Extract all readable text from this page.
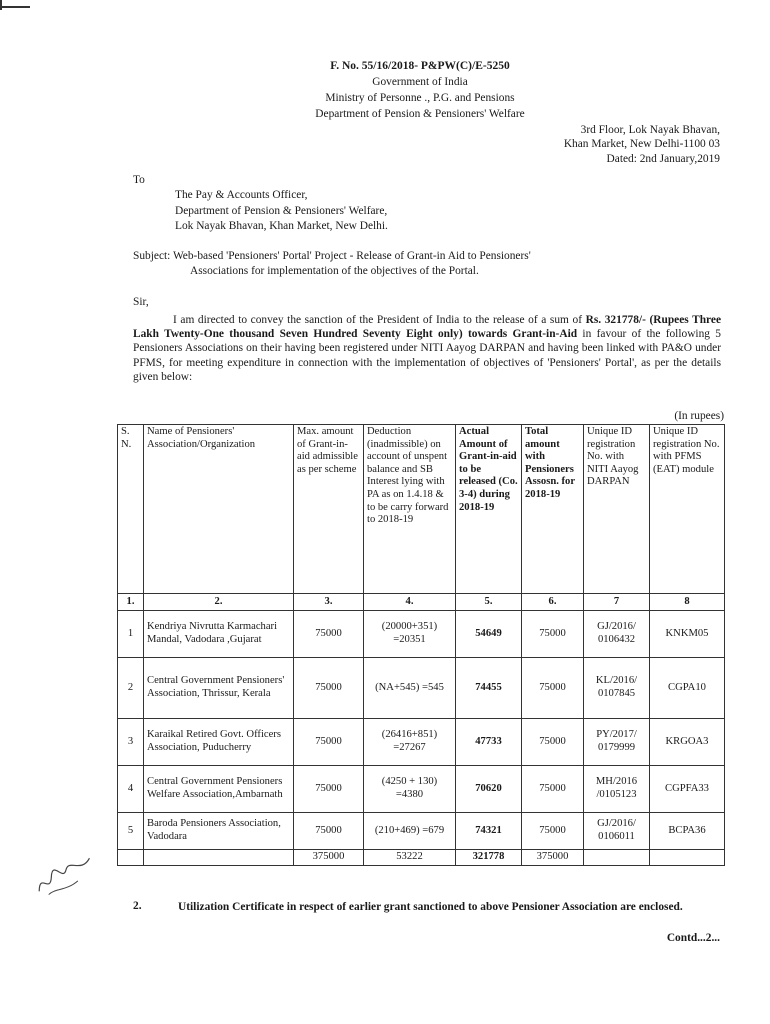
F. No. 55/16/2018- P&PW(C)/E-5250
Government of India
Ministry of Personne ., P.G. and Pensions
Department of Pension & Pensioners' Welfare
3rd Floor, Lok Nayak Bhavan,
Khan Market, New Delhi-1100 03
Dated: 2nd January,2019
To
The Pay & Accounts Officer,
Department of Pension & Pensioners' Welfare,
Lok Nayak Bhavan, Khan Market, New Delhi.
Subject: Web-based 'Pensioners' Portal' Project - Release of Grant-in Aid to Pensioners'
Associations for implementation of the objectives of the Portal.
Sir,
I am directed to convey the sanction of the President of India to the release of a sum of Rs. 321778/- (Rupees Three Lakh Twenty-One thousand Seven Hundred Seventy Eight only) towards Grant-in-Aid in favour of the following 5 Pensioners Associations on their having been registered under NITI Aayog DARPAN and having been linked with PA&O under PFMS, for meeting expenditure in connection with the implementation of objectives of 'Pensioners' Portal', as per the details given below:
(In rupees)
S. N.	Name of Pensioners' Association/Organization	Max. amount of Grant-in-aid admissible as per scheme	Deduction (inadmissible) on account of unspent balance and SB Interest lying with PA as on 1.4.18 & to be carry forward to 2018-19	Actual Amount of Grant-in-aid to be released (Co. 3-4) during 2018-19	Total amount with Pensioners Assosn. for 2018-19	Unique ID registration No. with NITI Aayog DARPAN	Unique ID registration No. with PFMS (EAT) module
1.	2.	3.	4.	5.	6.	7	8
1	Kendriya Nivrutta Karmachari Mandal, Vadodara ,Gujarat	75000	(20000+351) =20351	54649	75000	GJ/2016/ 0106432	KNKM05
2	Central Government Pensioners' Association, Thrissur, Kerala	75000	(NA+545) =545	74455	75000	KL/2016/ 0107845	CGPA10
3	Karaikal Retired Govt. Officers Association, Puducherry	75000	(26416+851) =27267	47733	75000	PY/2017/ 0179999	KRGOA3
4	Central Government Pensioners Welfare Association,Ambarnath	75000	(4250 + 130) =4380	70620	75000	MH/2016 /0105123	CGPFA33
5	Baroda Pensioners Association, Vadodara	75000	(210+469) =679	74321	75000	GJ/2016/ 0106011	BCPA36
		375000	53222	321778	375000		
2.	Utilization Certificate in respect of earlier grant sanctioned to above Pensioner Association are enclosed.
Contd...2...
